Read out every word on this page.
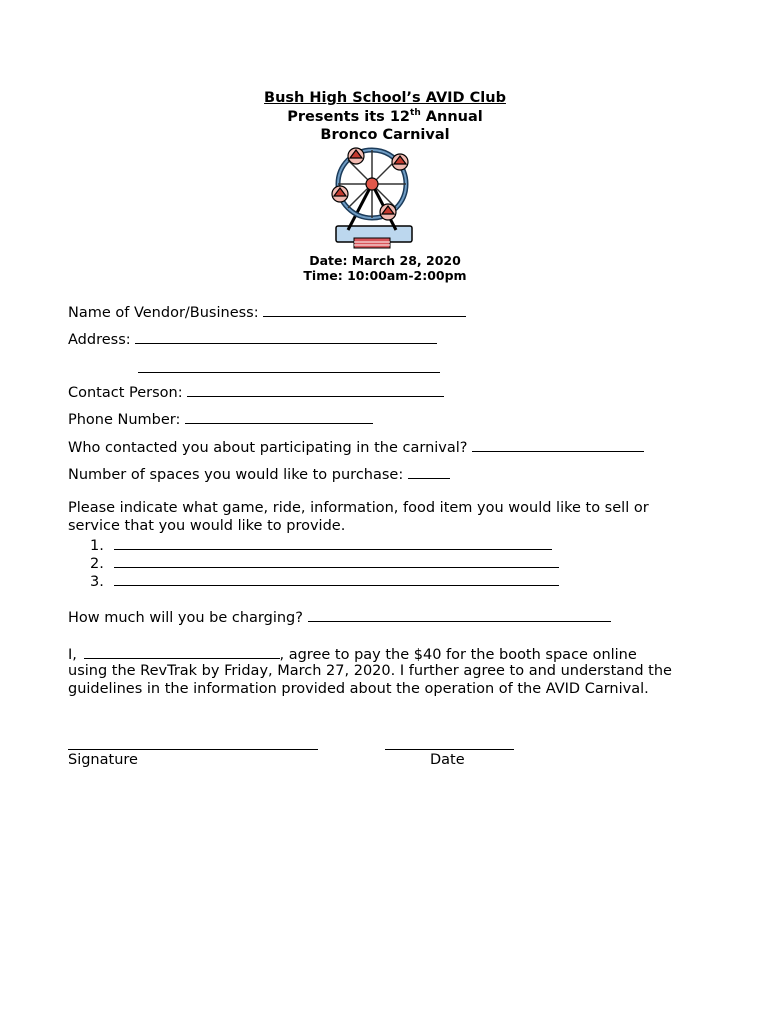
Bush High School’s AVID Club
Presents its 12th Annual
Bronco Carnival
Date: March 28, 2020
Time: 10:00am-2:00pm
Name of Vendor/Business:
Address:
Contact Person:
Phone Number:
Who contacted you about participating in the carnival?
Number of spaces you would like to purchase:
Please indicate what game, ride, information, food item you would like to sell or service that you would like to provide.
1.
2.
3.
How much will you be charging?
I,	, agree to pay the $40 for the booth space online
using the RevTrak by Friday, March 27, 2020. I further agree to and understand the guidelines in the information provided about the operation of the AVID Carnival.
Signature	Date
